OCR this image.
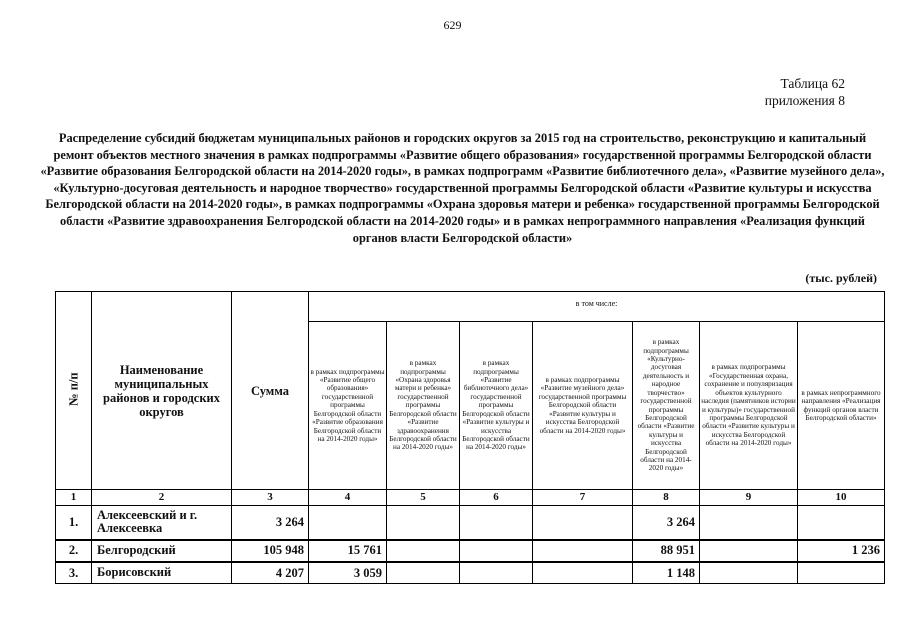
629
Таблица 62
приложения 8
Распределение субсидий бюджетам муниципальных районов и городских округов за 2015 год на строительство, реконструкцию и капитальный ремонт объектов местного значения в рамках подпрограммы «Развитие общего образования» государственной программы Белгородской области «Развитие образования Белгородской области на 2014-2020 годы», в рамках подпрограмм «Развитие библиотечного дела», «Развитие музейного дела», «Культурно-досуговая деятельность и народное творчество» государственной программы Белгородской области «Развитие культуры и искусства Белгородской области на 2014-2020 годы», в рамках подпрограммы «Охрана здоровья матери и ребенка» государственной программы Белгородской области «Развитие здравоохранения Белгородской области на 2014-2020 годы» и в рамках непрограммного направления «Реализация функций органов власти Белгородской области»
(тыс. рублей)
№ п/п	Наименование муниципальных районов и городских округов	Сумма	в том числе:						
			в рамках подпрограммы «Развитие общего образования» государственной программы Белгородской области «Развитие образования Белгородской области на 2014-2020 годы»	в рамках подпрограммы «Охрана здоровья матери и ребенка» государственной программы Белгородской области «Развитие здравоохранения Белгородской области на 2014-2020 годы»	в рамках подпрограммы «Развитие библиотечного дела» государственной программы Белгородской области «Развитие культуры и искусства Белгородской области на 2014-2020 годы»	в рамках подпрограммы «Развитие музейного дела» государственной программы Белгородской области «Развитие культуры и искусства Белгородской области на 2014-2020 годы»	в рамках подпрограммы «Культурно-досуговая деятельность и народное творчество» государственной программы Белгородской области «Развитие культуры и искусства Белгородской области на 2014-2020 годы»	в рамках подпрограммы «Государственная охрана, сохранение и популяризация объектов культурного наследия (памятников истории и культуры)» государственной программы Белгородской области «Развитие культуры и искусства Белгородской области на 2014-2020 годы»	в рамках непрограммного направления «Реализация функций органов власти Белгородской области»
1	2	3	4	5	6	7	8	9	10
1.	Алексеевский и г. Алексеевка	3 264					3 264		
2.	Белгородский	105 948	15 761				88 951		1 236
3.	Борисовский	4 207	3 059				1 148		
